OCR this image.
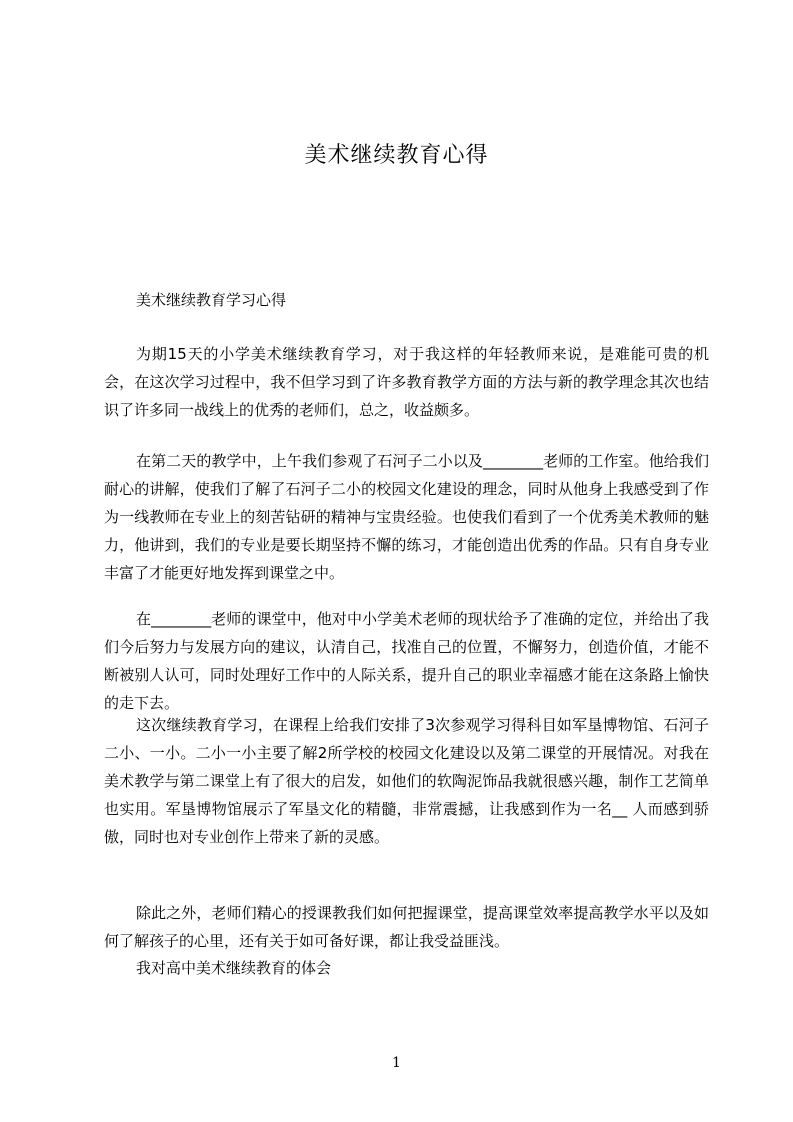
美术继续教育心得

美术继续教育学习心得

为期15天的小学美术继续教育学习，对于我这样的年轻教师来说，是难能可贵的机会，在这次学习过程中，我不但学习到了许多教育教学方面的方法与新的教学理念其次也结识了许多同一战线上的优秀的老师们，总之，收益颇多。

在第二天的教学中，上午我们参观了石河子二小以及________老师的工作室。他给我们耐心的讲解，使我们了解了石河子二小的校园文化建设的理念，同时从他身上我感受到了作为一线教师在专业上的刻苦钻研的精神与宝贵经验。也使我们看到了一个优秀美术教师的魅力，他讲到，我们的专业是要长期坚持不懈的练习，才能创造出优秀的作品。只有自身专业丰富了才能更好地发挥到课堂之中。

在________老师的课堂中，他对中小学美术老师的现状给予了准确的定位，并给出了我们今后努力与发展方向的建议，认清自己，找准自己的位置，不懈努力，创造价值，才能不断被别人认可，同时处理好工作中的人际关系，提升自己的职业幸福感才能在这条路上愉快的走下去。

这次继续教育学习，在课程上给我们安排了3次参观学习得科目如军垦博物馆、石河子二小、一小。二小一小主要了解2所学校的校园文化建设以及第二课堂的开展情况。对我在美术教学与第二课堂上有了很大的启发，如他们的软陶泥饰品我就很感兴趣，制作工艺简单也实用。军垦博物馆展示了军垦文化的精髓，非常震撼，让我感到作为一名__ 人而感到骄傲，同时也对专业创作上带来了新的灵感。

除此之外，老师们精心的授课教我们如何把握课堂，提高课堂效率提高教学水平以及如何了解孩子的心里，还有关于如可备好课，都让我受益匪浅。

我对高中美术继续教育的体会

1
